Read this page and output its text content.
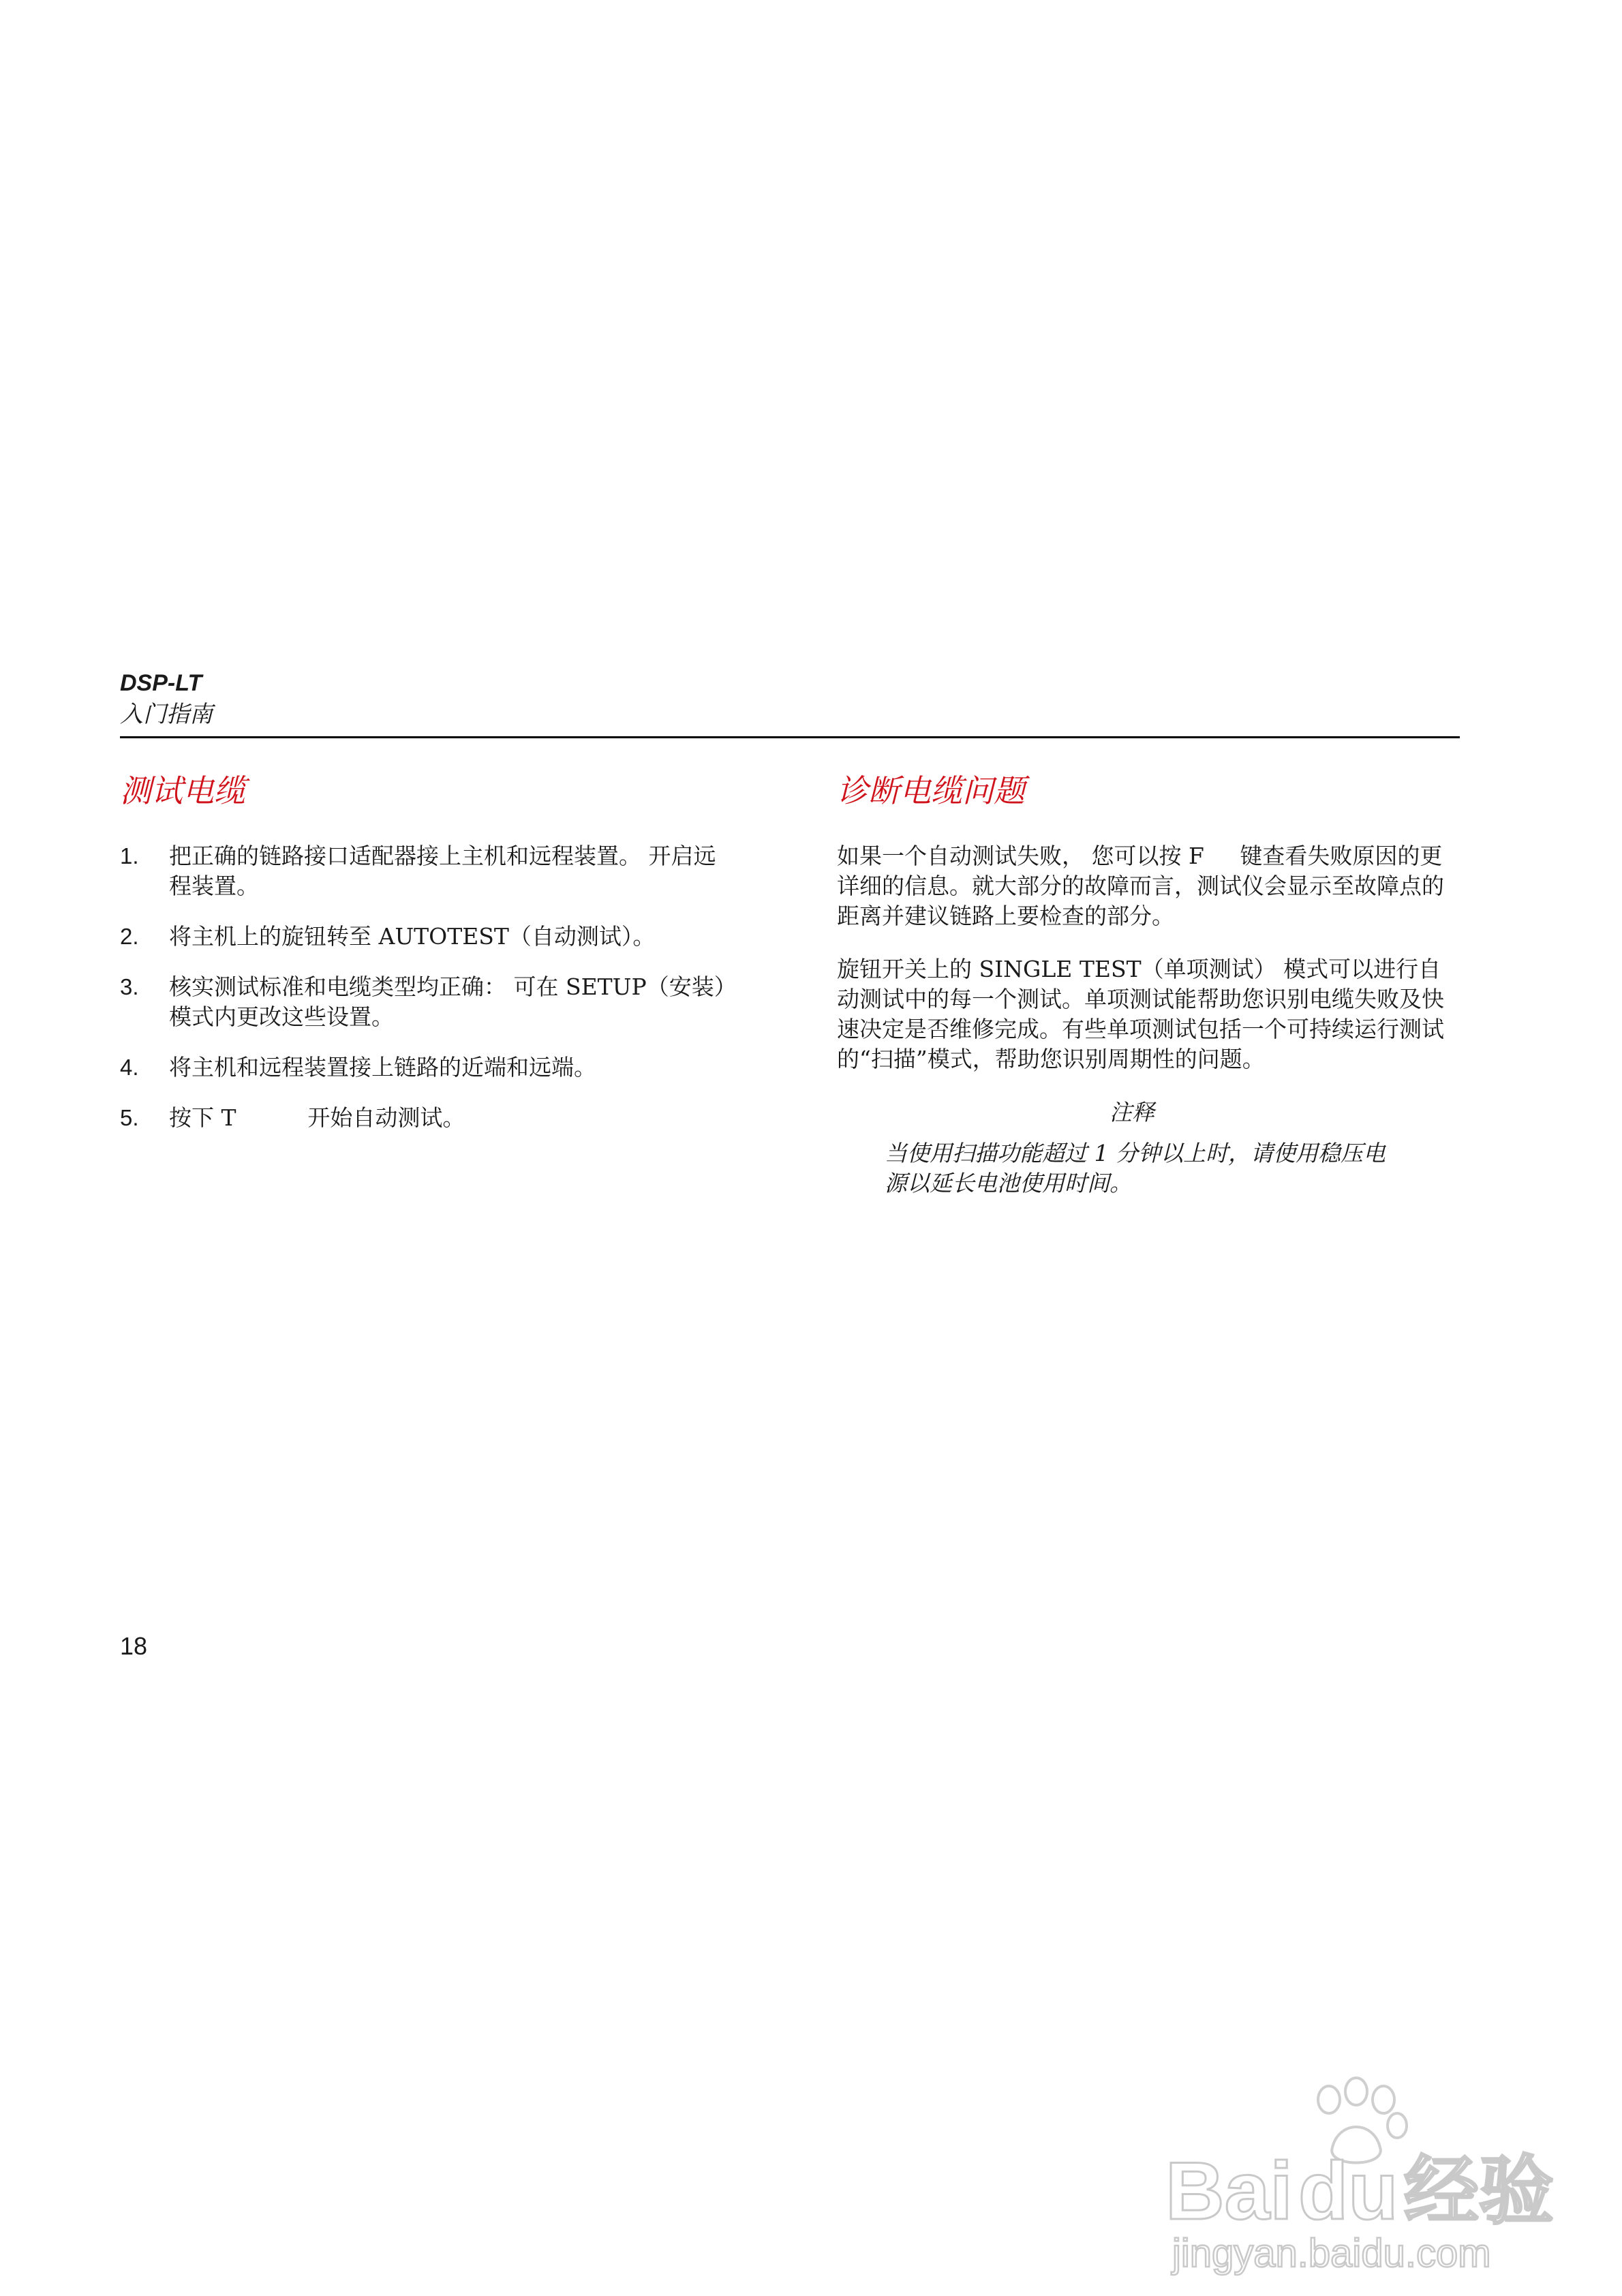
DSP-LT
入门指南
测试电缆
1.	把正确的链路接口适配器接上主机和远程装置。 开启远程装置。
2.	将主机上的旋钮转至 AUTOTEST（自动测试）。
3.	核实测试标准和电缆类型均正确： 可在 SETUP（安装）模式内更改这些设置。
4.	将主机和远程装置接上链路的近端和远端。
5.	按下 T          开始自动测试。
诊断电缆问题

如果一个自动测试失败， 您可以按 F     键查看失败原因的更详细的信息。就大部分的故障而言，测试仪会显示至故障点的距离并建议链路上要检查的部分。

旋钮开关上的 SINGLE TEST（单项测试） 模式可以进行自动测试中的每一个测试。单项测试能帮助您识别电缆失败及快速决定是否维修完成。有些单项测试包括一个可持续运行测试的“扫描”模式，帮助您识别周期性的问题。

注释
当使用扫描功能超过 1 分钟以上时，请使用稳压电源以延长电池使用时间。
18
Bai du 经验
jingyan.baidu.com
